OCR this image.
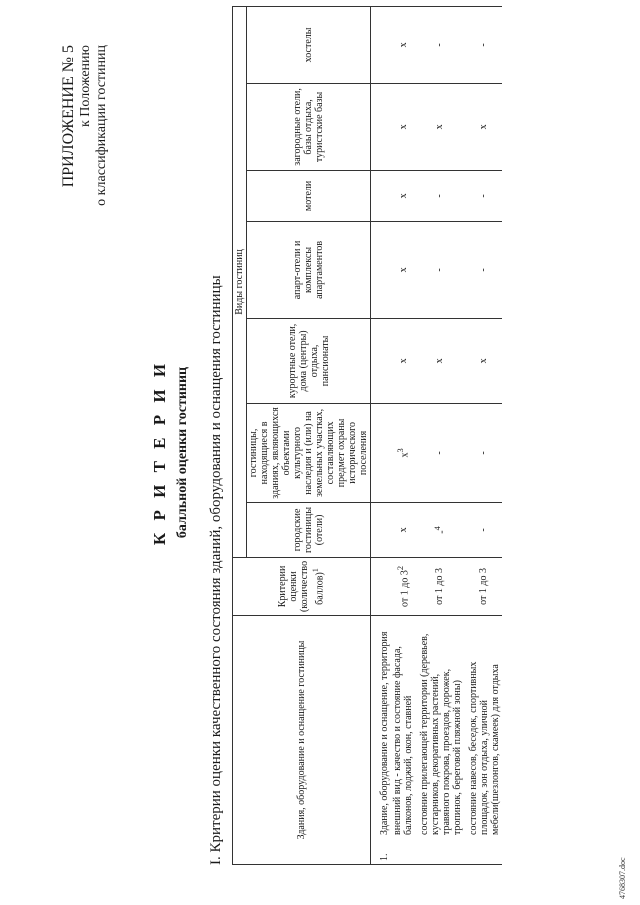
ПРИЛОЖЕНИЕ № 5 к Положению о классификации гостиниц
К Р И Т Е Р И И балльной оценки гостиниц I. Критерии оценки качественного состояния зданий, оборудования и оснащения гостиницы	Здания, оборудование и оснащение гостиницы	Критерии оценки (количество баллов)$^1$	Виды гостиниц						
		городские гостиницы (отели)	гостиницы, находящиеся в зданиях, являющихся объектами культурного наследия и (или) на земельных участках, составляющих предмет охраны исторического поселения	курортные отели, дома (центры) отдыха, пансионаты	апарт-отели и комплексы апартаментов	мотели	загородные отели, базы отдыха, туристские базы	хостелы
1.Здание, оборудование и оснащение, территория								
внешний вид - качество и состояние фасада, балконов, лоджий, окон, ставней	от 1 до $3^2$	х	$х^3$	х	х	х	х	х
состояние прилегающей территории (деревьев, кустарников, декоративных растений, травяного покрова, проездов, дорожек, тропинок, береговой пляжной зоны)	от 1 до 3	-$^4$	-	х	-	-	х	-
состояние навесов, беседок, спортивных площадок, зон отдыха, уличной мебели(шезлонгов, скамеек) для отдыха	от 1 до 3	-	-	х	-	-	х	-
4768307.doc
